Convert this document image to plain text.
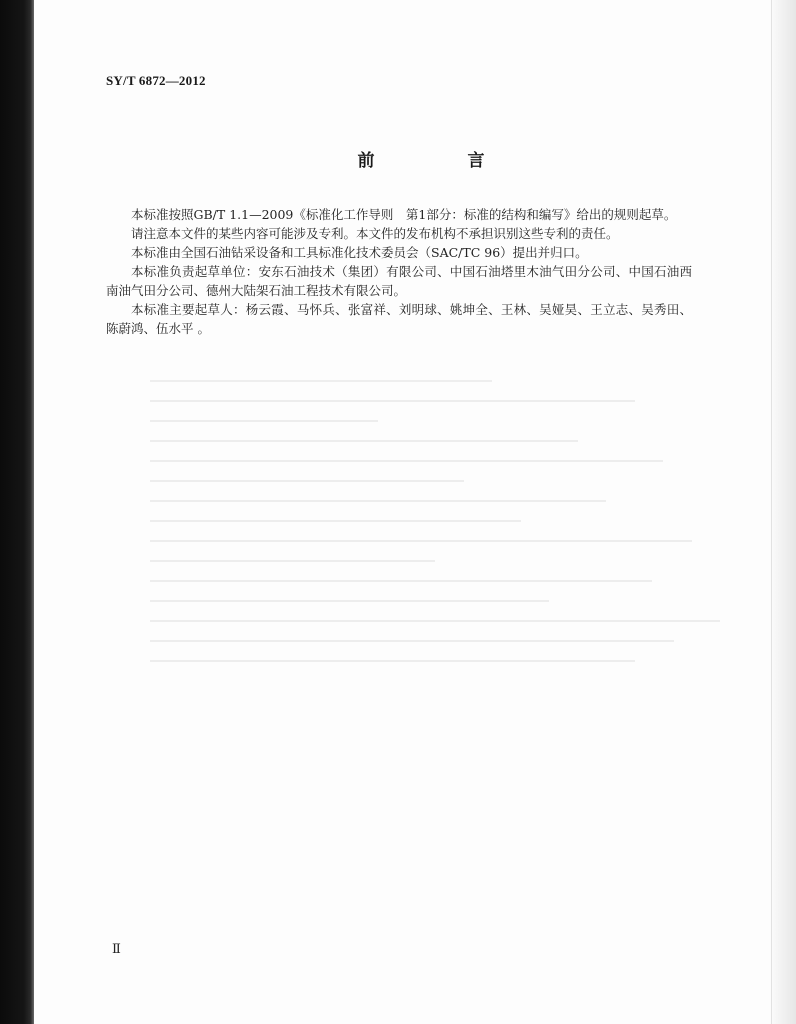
SY/T 6872—2012
前　言

本标准按照GB/T 1.1—2009《标准化工作导则　第1部分：标准的结构和编写》给出的规则起草。

请注意本文件的某些内容可能涉及专利。本文件的发布机构不承担识别这些专利的责任。

本标准由全国石油钻采设备和工具标准化技术委员会（SAC/TC 96）提出并归口。

本标准负责起草单位：安东石油技术（集团）有限公司、中国石油塔里木油气田分公司、中国石油西南油气田分公司、德州大陆架石油工程技术有限公司。

本标准主要起草人：杨云霞、马怀兵、张富祥、刘明球、姚坤全、王林、吴娅昊、王立志、吴秀田、陈蔚鸿、伍水平 。

Ⅱ
